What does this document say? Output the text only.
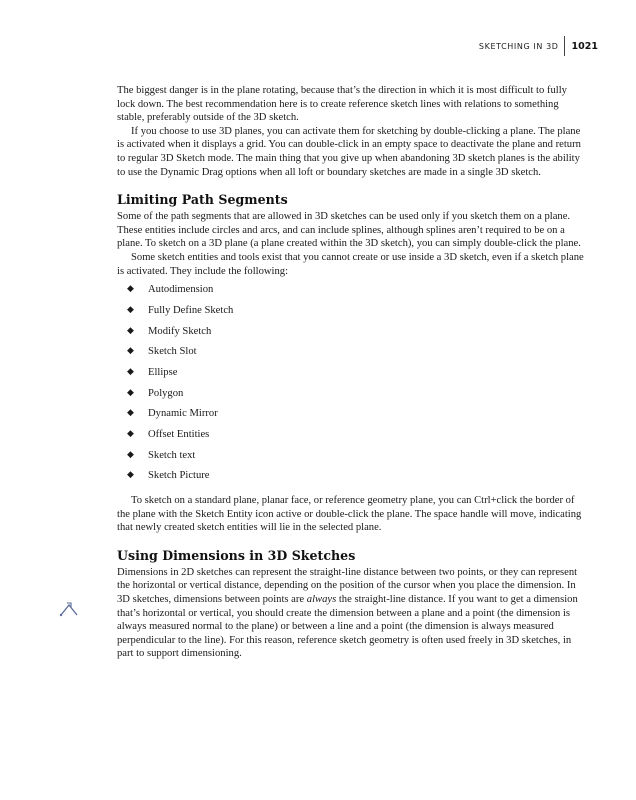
SKETCHING IN 3D	1021

The biggest danger is in the plane rotating, because that’s the direction in which it is most difficult to fully lock down. The best recommendation here is to create reference sketch lines with relations to something stable, preferably outside of the 3D sketch.

If you choose to use 3D planes, you can activate them for sketching by double-clicking a plane. The plane is activated when it displays a grid. You can double-click in an empty space to deactivate the plane and return to regular 3D Sketch mode. The main thing that you give up when abandoning 3D sketch planes is the ability to use the Dynamic Drag options when all loft or boundary sketches are made in a single 3D sketch.

Limiting Path Segments

Some of the path segments that are allowed in 3D sketches can be used only if you sketch them on a plane. These entities include circles and arcs, and can include splines, although splines aren’t required to be on a plane. To sketch on a 3D plane (a plane created within the 3D sketch), you can simply double-click the plane.

Some sketch entities and tools exist that you cannot create or use inside a 3D sketch, even if a sketch plane is activated. They include the following:

◆ Autodimension
◆ Fully Define Sketch
◆ Modify Sketch
◆ Sketch Slot
◆ Ellipse
◆ Polygon
◆ Dynamic Mirror
◆ Offset Entities
◆ Sketch text
◆ Sketch Picture

To sketch on a standard plane, planar face, or reference geometry plane, you can Ctrl+click the border of the plane with the Sketch Entity icon active or double-click the plane. The space handle will move, indicating that newly created sketch entities will lie in the selected plane.

Using Dimensions in 3D Sketches

Dimensions in 2D sketches can represent the straight-line distance between two points, or they can represent the horizontal or vertical distance, depending on the position of the cursor when you place the dimension. In 3D sketches, dimensions between points are always the straight-line distance. If you want to get a dimension that’s horizontal or vertical, you should create the dimension between a plane and a point (the dimension is always measured normal to the plane) or between a line and a point (the dimension is always measured perpendicular to the line). For this reason, reference sketch geometry is often used freely in 3D sketches, in part to support dimensioning.
